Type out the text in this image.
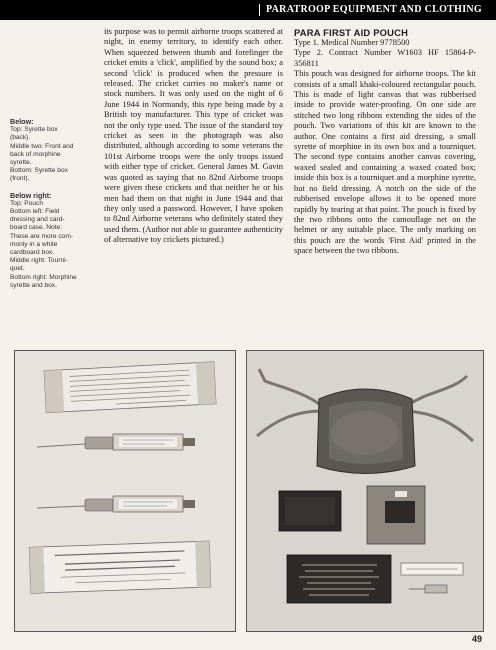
PARATROOP EQUIPMENT AND CLOTHING
Below:
Top: Syrette box
(back).
Middle two: Front and
back of morphine
syrette.
Bottom: Syrette box
(front).
Below right:
Top: Pouch
Bottom left: Field
dressing and card-
board case. Note:
These are more com-
monly in a white
cardboard box.
Middle right: Tourni-
quet.
Bottom right: Morphine
syrette and box.

its purpose was to permit airborne troops scattered at night, in enemy territory, to identify each other. When squeezed between thumb and forefinger the cricket emits a 'click', amplified by the sound box; a second 'click' is produced when the pressure is released. The cricket carries no maker's name or stock numbers. It was only used on the night of 6 June 1944 in Normandy, this type being made by a British toy manufacturer. This type of cricket was not the only type used. The issue of the standard toy cricket as seen in the photograph was also distributed, although according to some veterans the 101st Airborne troops were the only troops issued with either type of cricket. General James M. Gavin was quoted as saying that no 82nd Airborne troops were given these crickets and that neither he or his men had them on that night in June 1944 and that they only used a password. However, I have spoken to 82nd Airborne veterans who definitely stated they used them. (Author not able to guarantee authenticity of alternative toy crickets pictured.)

PARA FIRST AID POUCH
Type 1. Medical Number 9778500
Type 2. Contract Number W1603 HF 15864-P-356811

This pouch was designed for airborne troops. The kit consists of a small khaki-coloured rectangular pouch. This is made of light canvas that was rubberised inside to provide water-proofing. On one side are stitched two long ribbons extending the sides of the pouch. Two variations of this kit are known to the author. One contains a first aid dressing, a small syrette of morphine in its own box and a tourniquet. The second type contains another canvas covering, waxed sealed and containing a waxed coated box; inside this box is a tourniquet and a morphine syrette, but no field dressing. A notch on the side of the rubberised envelope allows it to be opened more rapidly by tearing at that point. The pouch is fixed by the two ribbons onto the camouflage net on the helmet or any suitable place. The only marking on this pouch are the words 'First Aid' printed in the space between the two ribbons.

49
